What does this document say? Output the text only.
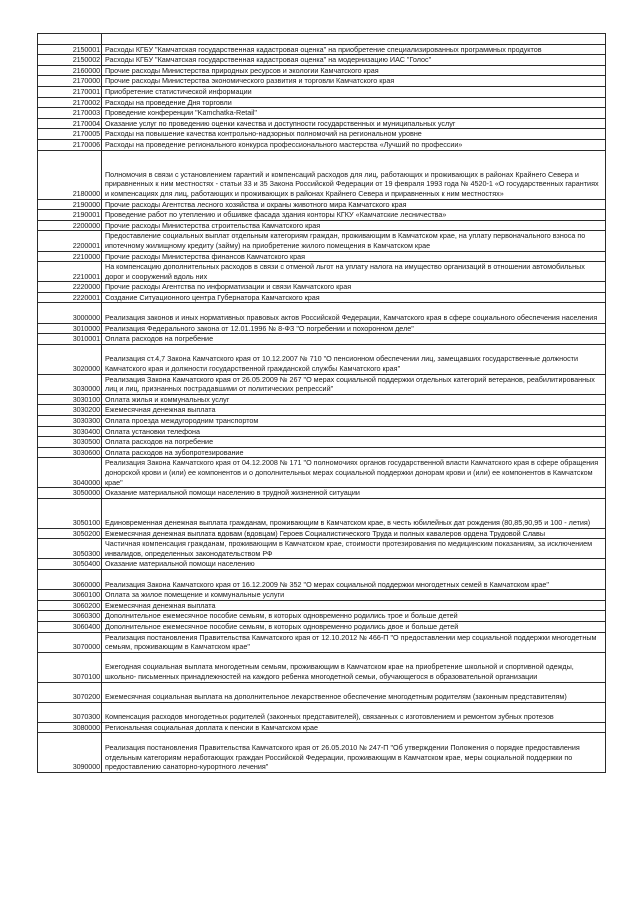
2150001	Расходы КГБУ "Камчатская государственная кадастровая оценка" на приобретение специализированных программных продуктов
2150002	Расходы КГБУ "Камчатская государственная кадастровая оценка" на модернизацию ИАС "Голос"
2160000	Прочие расходы Министерства природных ресурсов и экологии Камчатского края
2170000	Прочие расходы Министерства экономического развития и торговли Камчатского края
2170001	Приобретение статистической информации
2170002	Расходы на проведение Дня торговли
2170003	Проведение конференции "Kamchatka-Retail"
2170004	Оказание услуг по проведению оценки качества и доступности государственных и муниципальных услуг
2170005	Расходы на повышение качества контрольно-надзорных полномочий на региональном уровне
2170006	Расходы на проведение регионального конкурса профессионального мастерства «Лучший по профессии»
2180000	Полномочия в связи с установлением гарантий и компенсаций расходов для лиц, работающих и проживающих в районах Крайнего Севера и приравненных к ним местностях - статьи 33 и 35 Закона Российской Федерации от 19 февраля 1993 года № 4520-1 «О государственных гарантиях и компенсациях для лиц, работающих и проживающих в районах Крайнего Севера и приравненных к ним местностях»
2190000	Прочие расходы Агентства лесного хозяйства и охраны животного мира Камчатского края
2190001	Проведение работ по утеплению и обшивке фасада здания конторы КГКУ «Камчатские лесничества»
2200000	Прочие расходы Министерства строительства Камчатского края
2200001	Предоставление социальных выплат отдельным категориям граждан, проживающим в Камчатском крае, на уплату первоначального взноса по ипотечному жилищному кредиту (займу) на приобретение жилого помещения в Камчатском крае
2210000	Прочие расходы Министерства финансов Камчатского края
2210001	На компенсацию дополнительных расходов в связи с отменой льгот на уплату налога на имущество организаций в отношении автомобильных дорог и сооружений вдоль них
2220000	Прочие расходы Агентства по информатизации и связи Камчатского края
2220001	Создание Ситуационного центра Губернатора Камчатского края
3000000	Реализация законов и иных нормативных правовых актов Российской Федерации, Камчатского края в сфере социального обеспечения населения
3010000	Реализация Федерального закона от 12.01.1996 № 8-ФЗ "О погребении и похоронном деле"
3010001	Оплата расходов на погребение
3020000	Реализация ст.4,7 Закона Камчатского края от 10.12.2007 № 710 "О пенсионном обеспечении лиц, замещавших государственные должности Камчатского края и должности государственной гражданской службы Камчатского края"
3030000	Реализация Закона Камчатского края от 26.05.2009 № 267 "О мерах социальной поддержки отдельных категорий ветеранов, реабилитированных лиц и лиц, признанных пострадавшими от политических репрессий"
3030100	Оплата жилья и коммунальных услуг
3030200	Ежемесячная денежная выплата
3030300	Оплата проезда междугородним транспортом
3030400	Оплата установки телефона
3030500	Оплата расходов на погребение
3030600	Оплата расходов на зубопротезирование
3040000	Реализация Закона Камчатского края от 04.12.2008 № 171 "О полномочиях органов государственной власти Камчатского края в сфере обращения донорской крови и (или) ее компонентов и о дополнительных мерах социальной поддержки донорам крови и (или) ее компонентов в Камчатском крае"
3050000	Оказание материальной помощи населению в трудной жизненной ситуации
3050100	Единовременная денежная выплата гражданам, проживающим в Камчатском крае, в честь юбилейных дат рождения (80,85,90,95 и 100 - летия)
3050200	Ежемесячная денежная выплата вдовам (вдовцам) Героев Социалистического Труда и полных кавалеров ордена Трудовой Славы
3050300	Частичная компенсация гражданам, проживающим в Камчатском крае, стоимости протезирования по медицинским показаниям, за исключением инвалидов, определенных законодательством РФ
3050400	Оказание материальной помощи населению
3060000	Реализация Закона Камчатского края от 16.12.2009 № 352 "О мерах социальной поддержки многодетных семей в Камчатском крае"
3060100	Оплата за жилое помещение и коммунальные услуги
3060200	Ежемесячная денежная выплата
3060300	Дополнительное ежемесячное пособие семьям, в которых одновременно родились трое и больше детей
3060400	Дополнительное ежемесячное пособие семьям, в которых одновременно родились двое и больше детей
3070000	Реализация постановления Правительства Камчатского края от 12.10.2012 № 466-П "О предоставлении мер социальной поддержки многодетным семьям, проживающим в Камчатском крае"
3070100	Ежегодная социальная выплата многодетным семьям, проживающим в Камчатском крае на приобретение школьной и спортивной одежды, школьно- письменных принадлежностей на каждого ребенка многодетной семьи, обучающегося в образовательной организации
3070200	Ежемесячная социальная выплата на дополнительное лекарственное обеспечение многодетным родителям (законным представителям)
3070300	Компенсация расходов многодетных родителей (законных представителей), связанных с изготовлением и ремонтом зубных протезов
3080000	Региональная социальная доплата к пенсии в Камчатском крае
3090000	Реализация постановления Правительства Камчатского края от 26.05.2010 № 247-П "Об утверждении Положения о порядке предоставления отдельным категориям неработающих граждан Российской Федерации, проживающим в Камчатском крае, меры социальной поддержки по предоставлению санаторно-курортного лечения"
